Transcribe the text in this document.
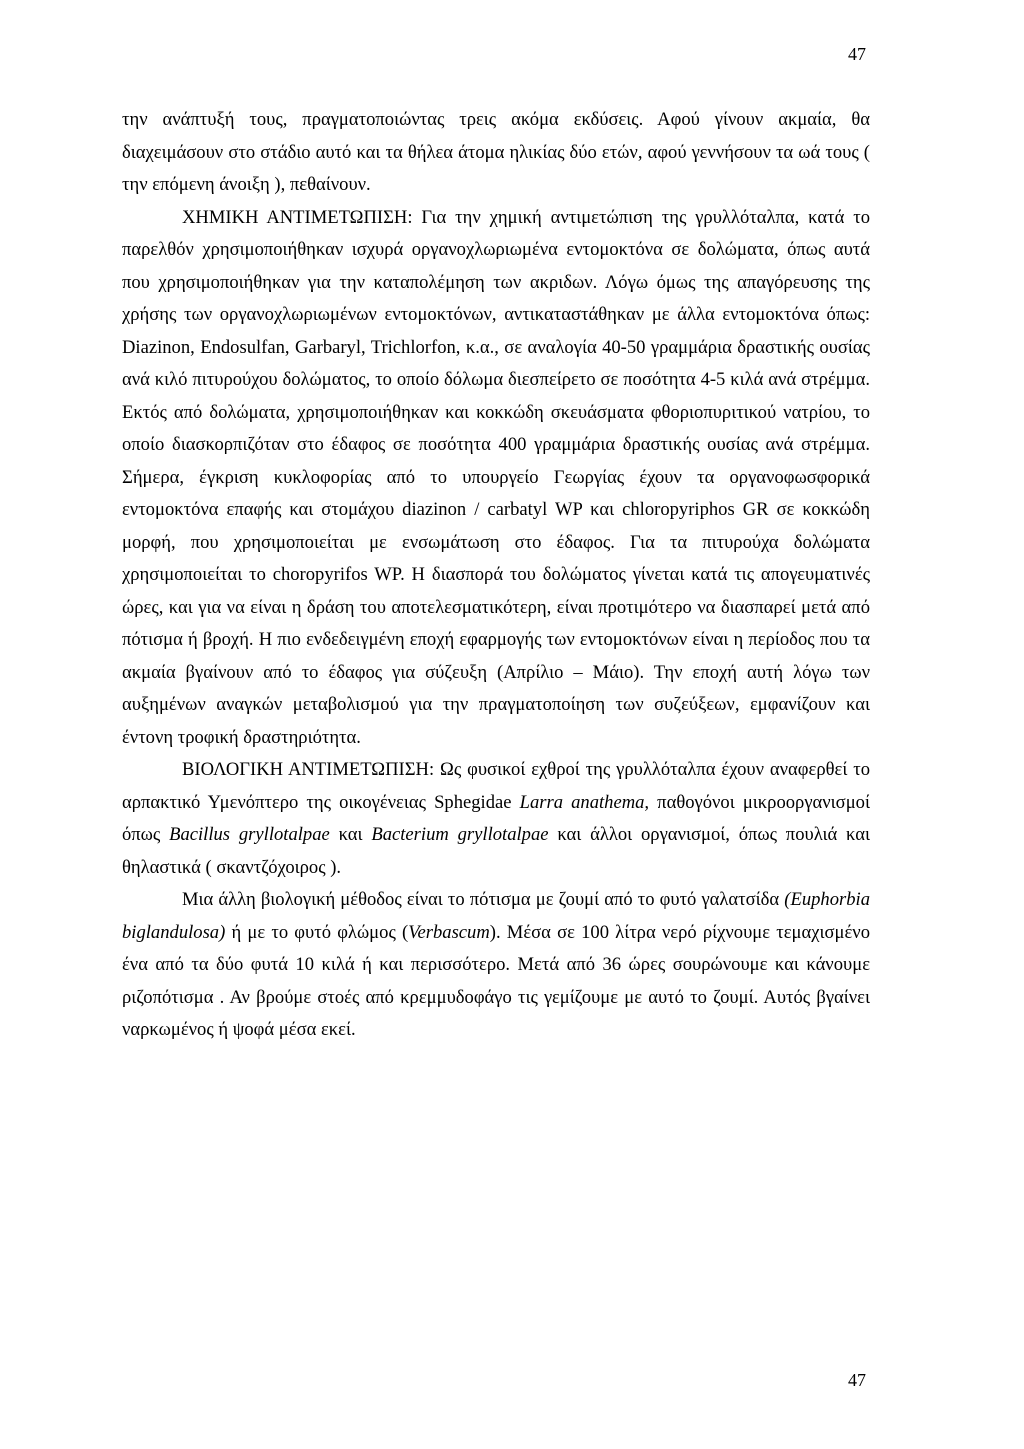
47

την ανάπτυξή τους, πραγματοποιώντας τρεις ακόμα εκδύσεις. Αφού γίνουν ακμαία, θα διαχειμάσουν στο στάδιο αυτό και τα θήλεα άτομα ηλικίας δύο ετών, αφού γεννήσουν τα ωά τους ( την επόμενη άνοιξη ), πεθαίνουν.

ΧΗΜΙΚΗ ΑΝΤΙΜΕΤΩΠΙΣΗ: Για την χημική αντιμετώπιση της γρυλλόταλπα, κατά το παρελθόν χρησιμοποιήθηκαν ισχυρά οργανοχλωριωμένα εντομοκτόνα σε δολώματα, όπως αυτά που χρησιμοποιήθηκαν για την καταπολέμηση των ακριδων. Λόγω όμως της απαγόρευσης της χρήσης των οργανοχλωριωμένων εντομοκτόνων, αντικαταστάθηκαν με άλλα εντομοκτόνα όπως: Diazinon, Endosulfan, Garbaryl, Trichlorfon, κ.α., σε αναλογία 40-50 γραμμάρια δραστικής ουσίας ανά κιλό πιτυρούχου δολώματος, το οποίο δόλωμα διεσπείρετο σε ποσότητα 4-5 κιλά ανά στρέμμα. Εκτός από δολώματα, χρησιμοποιήθηκαν και κοκκώδη σκευάσματα φθοριοπυριτικού νατρίου, το οποίο διασκορπιζόταν στο έδαφος σε ποσότητα 400 γραμμάρια δραστικής ουσίας ανά στρέμμα. Σήμερα, έγκριση κυκλοφορίας από το υπουργείο Γεωργίας έχουν τα οργανοφωσφορικά εντομοκτόνα επαφής και στομάχου diazinon / carbatyl WP και chloropyriphos GR σε κοκκώδη μορφή, που χρησιμοποιείται με ενσωμάτωση στο έδαφος. Για τα πιτυρούχα δολώματα χρησιμοποιείται το choropyrifos WP. Η διασπορά του δολώματος γίνεται κατά τις απογευματινές ώρες, και για να είναι η δράση του αποτελεσματικότερη, είναι προτιμότερο να διασπαρεί μετά από πότισμα ή βροχή. Η πιο ενδεδειγμένη εποχή εφαρμογής των εντομοκτόνων είναι η περίοδος που τα ακμαία βγαίνουν από το έδαφος για σύζευξη (Απρίλιο – Μάιο). Την εποχή αυτή λόγω των αυξημένων αναγκών μεταβολισμού για την πραγματοποίηση των συζεύξεων, εμφανίζουν και έντονη τροφική δραστηριότητα.

ΒΙΟΛΟΓΙΚΗ ΑΝΤΙΜΕΤΩΠΙΣΗ: Ως φυσικοί εχθροί της γρυλλόταλπα έχουν αναφερθεί το αρπακτικό Υμενόπτερο της οικογένειας Sphegidae Larra anathema, παθογόνοι μικροοργανισμοί όπως Bacillus gryllotalpae και Bacterium gryllotalpae και άλλοι οργανισμοί, όπως πουλιά και θηλαστικά ( σκαντζόχοιρος ).

Μια άλλη βιολογική μέθοδος είναι το πότισμα με ζουμί από το φυτό γαλατσίδα (Euphorbia biglandulosa) ή με το φυτό φλώμος (Verbascum). Μέσα σε 100 λίτρα νερό ρίχνουμε τεμαχισμένο ένα από τα δύο φυτά 10 κιλά ή και περισσότερο. Μετά από 36 ώρες σουρώνουμε και κάνουμε ριζοπότισμα . Αν βρούμε στοές από κρεμμυδοφάγο τις γεμίζουμε με αυτό το ζουμί. Αυτός βγαίνει ναρκωμένος ή ψοφά μέσα εκεί.

47
